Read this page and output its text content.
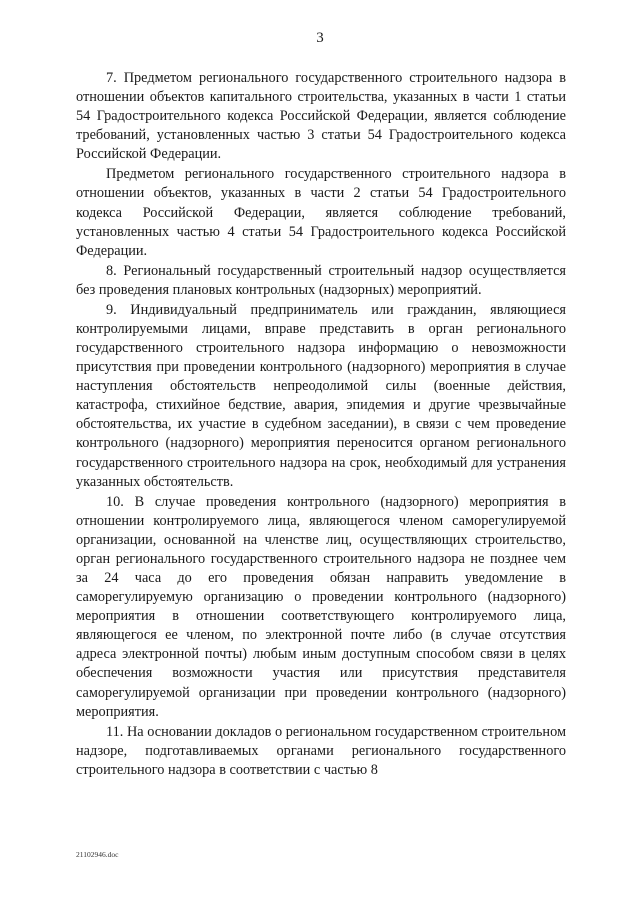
3

7. Предметом регионального государственного строительного надзора в отношении объектов капитального строительства, указанных в части 1 статьи 54 Градостроительного кодекса Российской Федерации, является соблюдение требований, установленных частью 3 статьи 54 Градостроительного кодекса Российской Федерации.

Предметом регионального государственного строительного надзора в отношении объектов, указанных в части 2 статьи 54 Градостроительного кодекса Российской Федерации, является соблюдение требований, установленных частью 4 статьи 54 Градостроительного кодекса Российской Федерации.

8. Региональный государственный строительный надзор осуществляется без проведения плановых контрольных (надзорных) мероприятий.

9. Индивидуальный предприниматель или гражданин, являющиеся контролируемыми лицами, вправе представить в орган регионального государственного строительного надзора информацию о невозможности присутствия при проведении контрольного (надзорного) мероприятия в случае наступления обстоятельств непреодолимой силы (военные действия, катастрофа, стихийное бедствие, авария, эпидемия и другие чрезвычайные обстоятельства, их участие в судебном заседании), в связи с чем проведение контрольного (надзорного) мероприятия переносится органом регионального государственного строительного надзора на срок, необходимый для устранения указанных обстоятельств.

10. В случае проведения контрольного (надзорного) мероприятия в отношении контролируемого лица, являющегося членом саморегулируемой организации, основанной на членстве лиц, осуществляющих строительство, орган регионального государственного строительного надзора не позднее чем за 24 часа до его проведения обязан направить уведомление в саморегулируемую организацию о проведении контрольного (надзорного) мероприятия в отношении соответствующего контролируемого лица, являющегося ее членом, по электронной почте либо (в случае отсутствия адреса электронной почты) любым иным доступным способом связи в целях обеспечения возможности участия или присутствия представителя саморегулируемой организации при проведении контрольного (надзорного) мероприятия.

11. На основании докладов о региональном государственном строительном надзоре, подготавливаемых органами регионального государственного строительного надзора в соответствии с частью 8

21102946.doc
